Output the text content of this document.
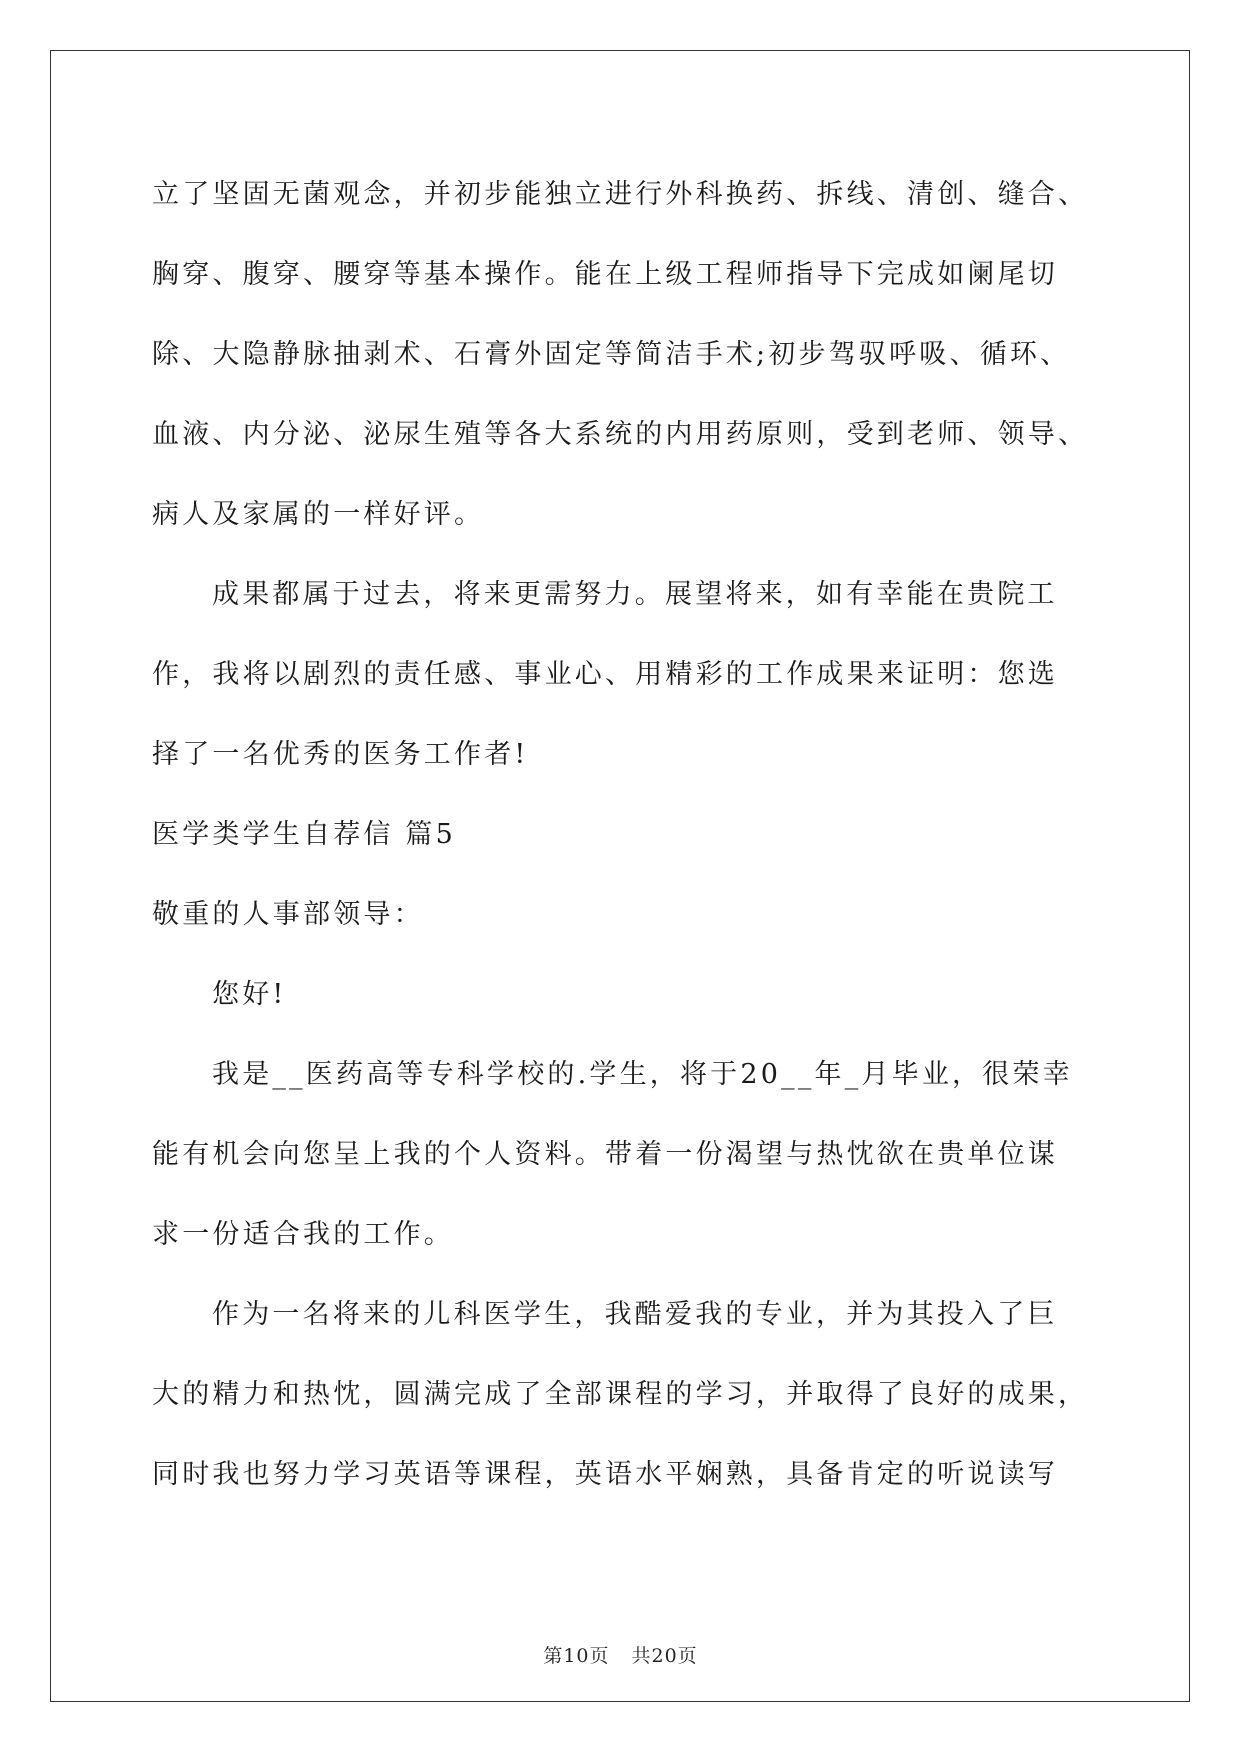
立了坚固无菌观念，并初步能独立进行外科换药、拆线、清创、缝合、
胸穿、腹穿、腰穿等基本操作。能在上级工程师指导下完成如阑尾切
除、大隐静脉抽剥术、石膏外固定等简洁手术;初步驾驭呼吸、循环、
血液、内分泌、泌尿生殖等各大系统的内用药原则，受到老师、领导、
病人及家属的一样好评。
成果都属于过去，将来更需努力。展望将来，如有幸能在贵院工
作，我将以剧烈的责任感、事业心、用精彩的工作成果来证明：您选
择了一名优秀的医务工作者!
医学类学生自荐信 篇5
敬重的人事部领导：
您好!
我是__医药高等专科学校的.学生，将于20__年_月毕业，很荣幸
能有机会向您呈上我的个人资料。带着一份渴望与热忱欲在贵单位谋
求一份适合我的工作。
作为一名将来的儿科医学生，我酷爱我的专业，并为其投入了巨
大的精力和热忱，圆满完成了全部课程的学习，并取得了良好的成果，
同时我也努力学习英语等课程，英语水平娴熟，具备肯定的听说读写
第10页 共20页
